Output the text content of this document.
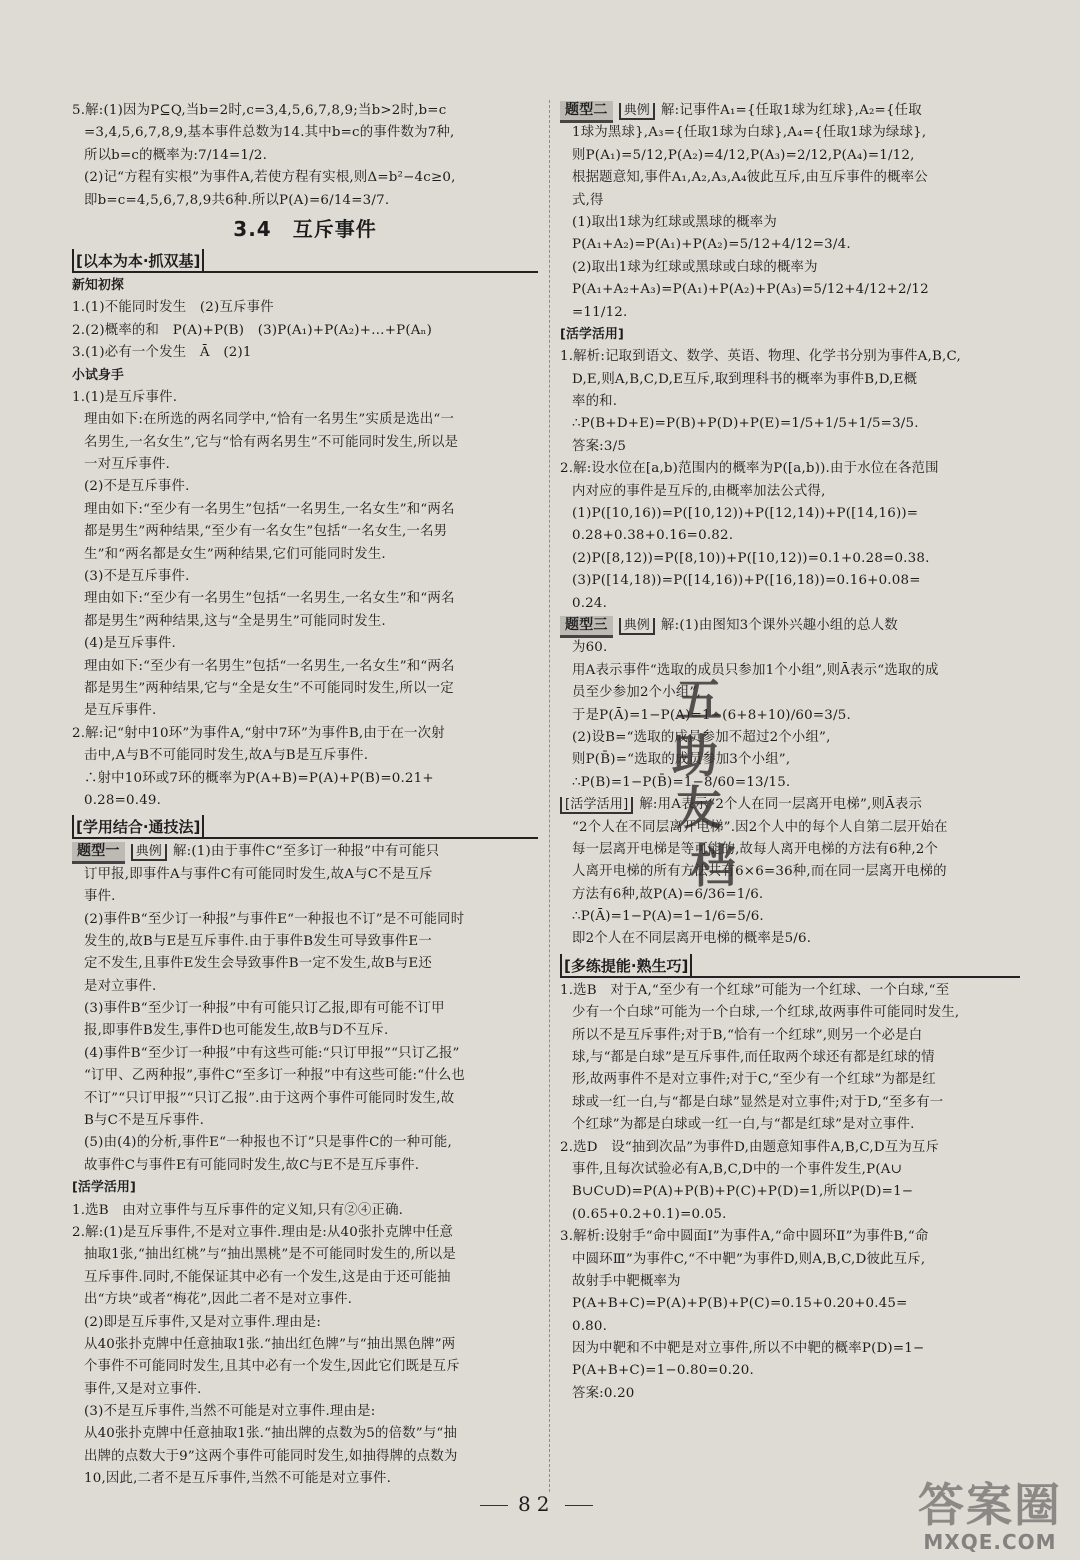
5.解:(1)因为P⊆Q,当b=2时,c=3,4,5,6,7,8,9;当b>2时,b=c
=3,4,5,6,7,8,9,基本事件总数为14.其中b=c的事件数为7种,
所以b=c的概率为:7/14=1/2.
(2)记“方程有实根”为事件A,若使方程有实根,则Δ=b²−4c≥0,
即b=c=4,5,6,7,8,9共6种.所以P(A)=6/14=3/7.
3.4　互斥事件
[以本为本·抓双基]
新知初探
1.(1)不能同时发生　(2)互斥事件
2.(2)概率的和　P(A)+P(B)　(3)P(A₁)+P(A₂)+…+P(Aₙ)
3.(1)必有一个发生　Ā　(2)1
小试身手
1.(1)是互斥事件.
理由如下:在所选的两名同学中,“恰有一名男生”实质是选出“一
名男生,一名女生”,它与“恰有两名男生”不可能同时发生,所以是
一对互斥事件.
(2)不是互斥事件.
理由如下:“至少有一名男生”包括“一名男生,一名女生”和“两名
都是男生”两种结果,“至少有一名女生”包括“一名女生,一名男
生”和“两名都是女生”两种结果,它们可能同时发生.
(3)不是互斥事件.
理由如下:“至少有一名男生”包括“一名男生,一名女生”和“两名
都是男生”两种结果,这与“全是男生”可能同时发生.
(4)是互斥事件.
理由如下:“至少有一名男生”包括“一名男生,一名女生”和“两名
都是男生”两种结果,它与“全是女生”不可能同时发生,所以一定
是互斥事件.
2.解:记“射中10环”为事件A,“射中7环”为事件B,由于在一次射
击中,A与B不可能同时发生,故A与B是互斥事件.
∴射中10环或7环的概率为P(A+B)=P(A)+P(B)=0.21+
0.28=0.49.
[学用结合·通技法]
题型一 典例 解:(1)由于事件C“至多订一种报”中有可能只
订甲报,即事件A与事件C有可能同时发生,故A与C不是互斥
事件.
(2)事件B“至少订一种报”与事件E“一种报也不订”是不可能同时
发生的,故B与E是互斥事件.由于事件B发生可导致事件E一
定不发生,且事件E发生会导致事件B一定不发生,故B与E还
是对立事件.
(3)事件B“至少订一种报”中有可能只订乙报,即有可能不订甲
报,即事件B发生,事件D也可能发生,故B与D不互斥.
(4)事件B“至少订一种报”中有这些可能:“只订甲报”“只订乙报”
“订甲、乙两种报”,事件C“至多订一种报”中有这些可能:“什么也
不订”“只订甲报”“只订乙报”.由于这两个事件可能同时发生,故
B与C不是互斥事件.
(5)由(4)的分析,事件E“一种报也不订”只是事件C的一种可能,
故事件C与事件E有可能同时发生,故C与E不是互斥事件.
[活学活用]
1.选B　由对立事件与互斥事件的定义知,只有②④正确.
2.解:(1)是互斥事件,不是对立事件.理由是:从40张扑克牌中任意
抽取1张,“抽出红桃”与“抽出黑桃”是不可能同时发生的,所以是
互斥事件.同时,不能保证其中必有一个发生,这是由于还可能抽
出“方块”或者“梅花”,因此二者不是对立事件.
(2)即是互斥事件,又是对立事件.理由是:
从40张扑克牌中任意抽取1张.“抽出红色牌”与“抽出黑色牌”两
个事件不可能同时发生,且其中必有一个发生,因此它们既是互斥
事件,又是对立事件.
(3)不是互斥事件,当然不可能是对立事件.理由是:
从40张扑克牌中任意抽取1张.“抽出牌的点数为5的倍数”与“抽
出牌的点数大于9”这两个事件可能同时发生,如抽得牌的点数为
10,因此,二者不是互斥事件,当然不可能是对立事件.
题型二 典例 解:记事件A₁={任取1球为红球},A₂={任取
1球为黑球},A₃={任取1球为白球},A₄={任取1球为绿球},
则P(A₁)=5/12,P(A₂)=4/12,P(A₃)=2/12,P(A₄)=1/12,
根据题意知,事件A₁,A₂,A₃,A₄彼此互斥,由互斥事件的概率公
式,得
(1)取出1球为红球或黑球的概率为
P(A₁+A₂)=P(A₁)+P(A₂)=5/12+4/12=3/4.
(2)取出1球为红球或黑球或白球的概率为
P(A₁+A₂+A₃)=P(A₁)+P(A₂)+P(A₃)=5/12+4/12+2/12
=11/12.
[活学活用]
1.解析:记取到语文、数学、英语、物理、化学书分别为事件A,B,C,
D,E,则A,B,C,D,E互斥,取到理科书的概率为事件B,D,E概
率的和.
∴P(B+D+E)=P(B)+P(D)+P(E)=1/5+1/5+1/5=3/5.
答案:3/5
2.解:设水位在[a,b)范围内的概率为P([a,b)).由于水位在各范围
内对应的事件是互斥的,由概率加法公式得,
(1)P([10,16))=P([10,12))+P([12,14))+P([14,16))=
0.28+0.38+0.16=0.82.
(2)P([8,12))=P([8,10))+P([10,12))=0.1+0.28=0.38.
(3)P([14,18))=P([14,16))+P([16,18))=0.16+0.08=
0.24.
题型三 典例 解:(1)由图知3个课外兴趣小组的总人数
为60.
用A表示事件“选取的成员只参加1个小组”,则Ā表示“选取的成
员至少参加2个小组”,
于是P(Ā)=1−P(A)=1−(6+8+10)/60=3/5.
(2)设B=“选取的成员参加不超过2个小组”,
则P(B̄)=“选取的成员参加3个小组”,
∴P(B)=1−P(B̄)=1−8/60=13/15.
[活学活用] 解:用A表示“2个人在同一层离开电梯”,则Ā表示
“2个人在不同层离开电梯”.因2个人中的每个人自第二层开始在
每一层离开电梯是等可能的,故每人离开电梯的方法有6种,2个
人离开电梯的所有方法共有6×6=36种,而在同一层离开电梯的
方法有6种,故P(A)=6/36=1/6.
∴P(Ā)=1−P(A)=1−1/6=5/6.
即2个人在不同层离开电梯的概率是5/6.
[多练提能·熟生巧]
1.选B　对于A,“至少有一个红球”可能为一个红球、一个白球,“至
少有一个白球”可能为一个白球,一个红球,故两事件可能同时发生,
所以不是互斥事件;对于B,“恰有一个红球”,则另一个必是白
球,与“都是白球”是互斥事件,而任取两个球还有都是红球的情
形,故两事件不是对立事件;对于C,“至少有一个红球”为都是红
球或一红一白,与“都是白球”显然是对立事件;对于D,“至多有一
个红球”为都是白球或一红一白,与“都是红球”是对立事件.
2.选D　设“抽到次品”为事件D,由题意知事件A,B,C,D互为互斥
事件,且每次试验必有A,B,C,D中的一个事件发生,P(A∪
B∪C∪D)=P(A)+P(B)+P(C)+P(D)=1,所以P(D)=1−
(0.65+0.2+0.1)=0.05.
3.解析:设射手“命中圆面Ⅰ”为事件A,“命中圆环Ⅱ”为事件B,“命
中圆环Ⅲ”为事件C,“不中靶”为事件D,则A,B,C,D彼此互斥,
故射手中靶概率为
P(A+B+C)=P(A)+P(B)+P(C)=0.15+0.20+0.45=
0.80.
因为中靶和不中靶是对立事件,所以不中靶的概率P(D)=1−
P(A+B+C)=1−0.80=0.20.
答案:0.20
五
助
友
档
82	答案圈
MXQE.COM
